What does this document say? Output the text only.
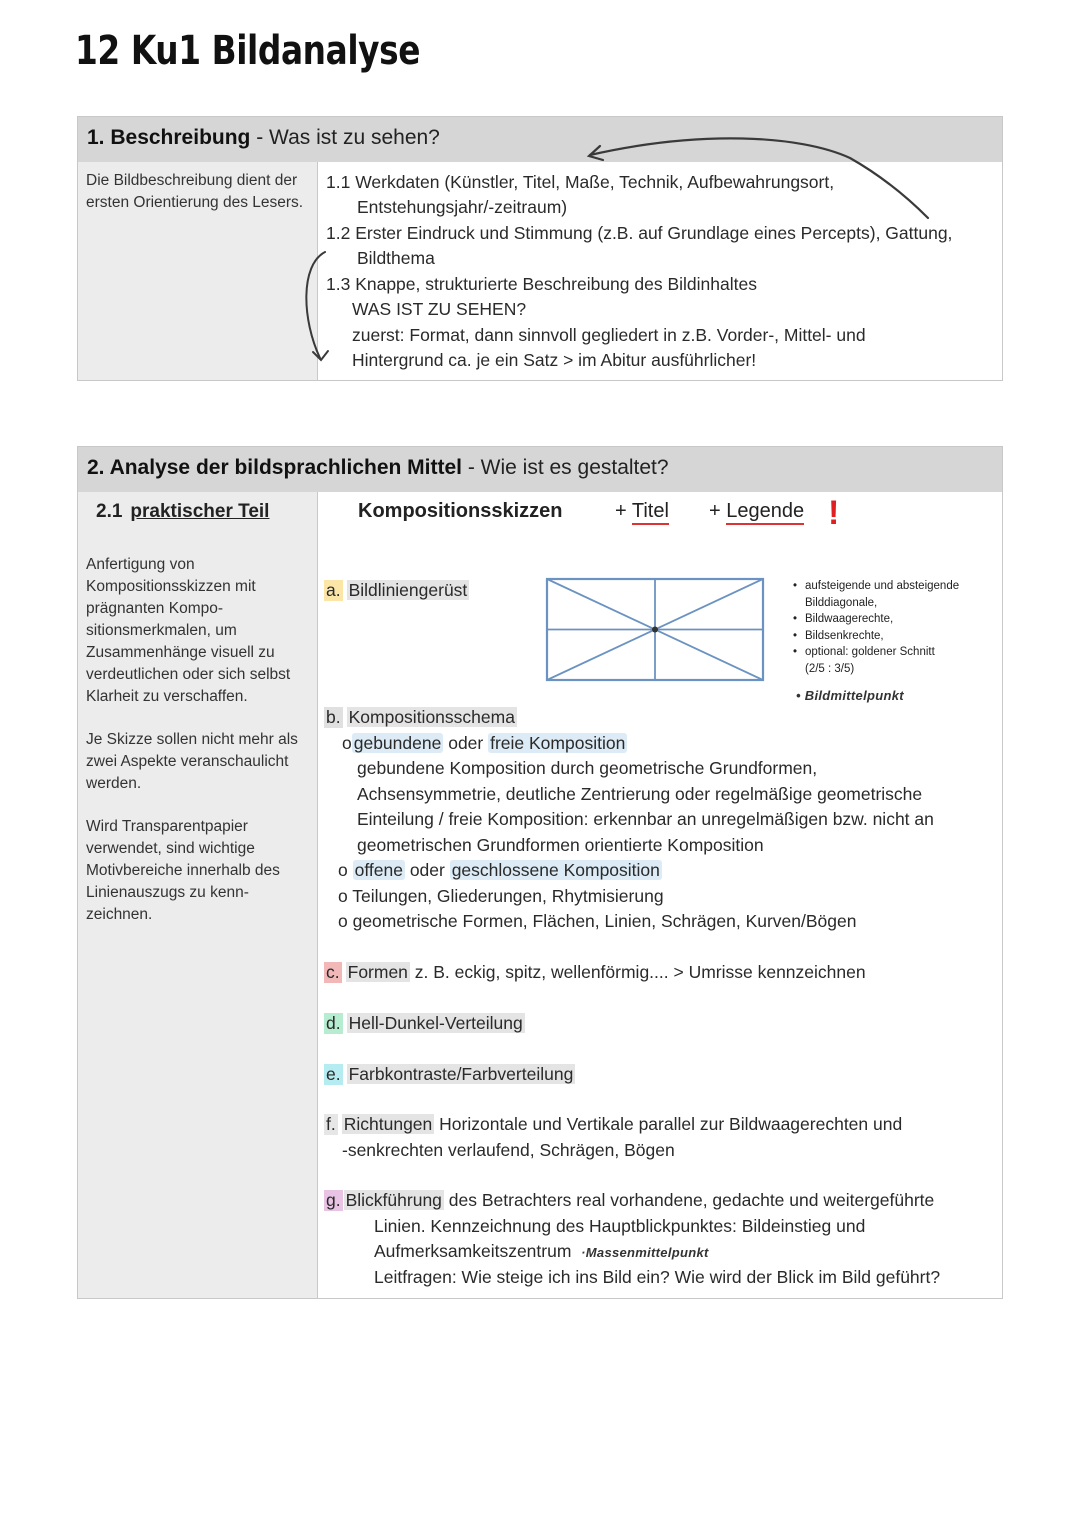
12 Ku1 Bildanalyse
1. Beschreibung - Was ist zu sehen?

Die Bildbeschreibung dient der ersten Orientierung des Lesers.

1.1 Werkdaten (Künstler, Titel, Maße, Technik, Aufbewahrungsort,
Entstehungsjahr/-zeitraum)
1.2 Erster Eindruck und Stimmung (z.B. auf Grundlage eines Percepts), Gattung,
Bildthema
1.3 Knappe, strukturierte Beschreibung des Bildinhaltes
WAS IST ZU SEHEN?
zuerst: Format, dann sinnvoll gegliedert in z.B. Vorder-, Mittel- und
Hintergrund ca. je ein Satz > im Abitur ausführlicher!
2. Analyse der bildsprachlichen Mittel - Wie ist es gestaltet?
2.1 praktischer Teil

Anfertigung von Kompositionsskizzen mit prägnanten Kompo-sitionsmerkmalen, um Zusammenhänge visuell zu verdeutlichen oder sich selbst Klarheit zu verschaffen.

Je Skizze sollen nicht mehr als zwei Aspekte veranschaulicht werden.

Wird Transparentpapier verwendet, sind wichtige Motivbereiche innerhalb des Linienauszugs zu kenn-zeichnen.

Kompositionsskizzen	+ Titel + Legende !
a. Bildliniengerüst
•	aufsteigende und absteigende
Bilddiagonale,
• Bildwaagerechte,
• Bildsenkrechte,
• optional: goldener Schnitt
(2/5 : 3/5)
• Bildmittelpunkt
b. Kompositionsschema
o gebundene oder freie Komposition
gebundene Komposition durch geometrische Grundformen,
Achsensymmetrie, deutliche Zentrierung oder regelmäßige geometrische
Einteilung / freie Komposition: erkennbar an unregelmäßigen bzw. nicht an
geometrischen Grundformen orientierte Komposition
o offene oder geschlossene Komposition
o Teilungen, Gliederungen, Rhytmisierung
o geometrische Formen, Flächen, Linien, Schrägen, Kurven/Bögen
c. Formen z. B. eckig, spitz, wellenförmig.... > Umrisse kennzeichnen
d. Hell-Dunkel-Verteilung
e. Farbkontraste/Farbverteilung
f. Richtungen Horizontale und Vertikale parallel zur Bildwaagerechten und
-senkrechten verlaufend, Schrägen, Bögen
g. Blickführung des Betrachters real vorhandene, gedachte und weitergeführte
Linien. Kennzeichnung des Hauptblickpunktes: Bildeinstieg und
Aufmerksamkeitszentrum ·Massenmittelpunkt
Leitfragen: Wie steige ich ins Bild ein? Wie wird der Blick im Bild geführt?
